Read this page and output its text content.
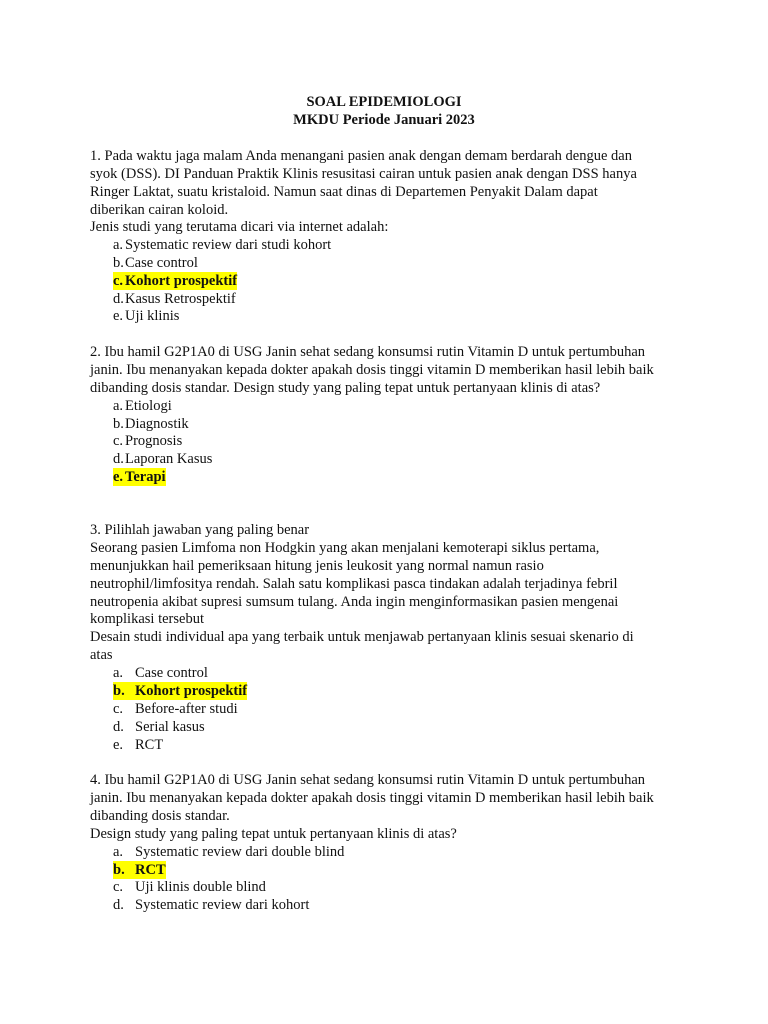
SOAL EPIDEMIOLOGI
MKDU Periode Januari 2023
1. Pada waktu jaga malam Anda menangani pasien anak dengan demam berdarah dengue dan
syok (DSS). DI Panduan Praktik Klinis resusitasi cairan untuk pasien anak dengan DSS hanya
Ringer Laktat, suatu kristaloid. Namun saat dinas di Departemen Penyakit Dalam dapat
diberikan cairan koloid.
Jenis studi yang terutama dicari via internet adalah:
a. Systematic review dari studi kohort
b.Case control
c. Kohort prospektif
d.Kasus Retrospektif
e. Uji klinis
2. Ibu hamil G2P1A0 di USG Janin sehat sedang konsumsi rutin Vitamin D untuk pertumbuhan
janin. Ibu menanyakan kepada dokter apakah dosis tinggi vitamin D memberikan hasil lebih baik
dibanding dosis standar. Design study yang paling tepat untuk pertanyaan klinis di atas?
a. Etiologi
b.Diagnostik
c. Prognosis
d.Laporan Kasus
e. Terapi
3. Pilihlah jawaban yang paling benar
Seorang pasien Limfoma non Hodgkin yang akan menjalani kemoterapi siklus pertama,
menunjukkan hail pemeriksaan hitung jenis leukosit yang normal namun rasio
neutrophil/limfositya rendah. Salah satu komplikasi pasca tindakan adalah terjadinya febril
neutropenia akibat supresi sumsum tulang. Anda ingin menginformasikan pasien mengenai
komplikasi tersebut
Desain studi individual apa yang terbaik untuk menjawab pertanyaan klinis sesuai skenario di
atas
a. Case control
b. Kohort prospektif
c. Before-after studi
d. Serial kasus
e. RCT
4. Ibu hamil G2P1A0 di USG Janin sehat sedang konsumsi rutin Vitamin D untuk pertumbuhan
janin. Ibu menanyakan kepada dokter apakah dosis tinggi vitamin D memberikan hasil lebih baik
dibanding dosis standar.
Design study yang paling tepat untuk pertanyaan klinis di atas?
a. Systematic review dari double blind
b. RCT
c. Uji klinis double blind
d. Systematic review dari kohort
